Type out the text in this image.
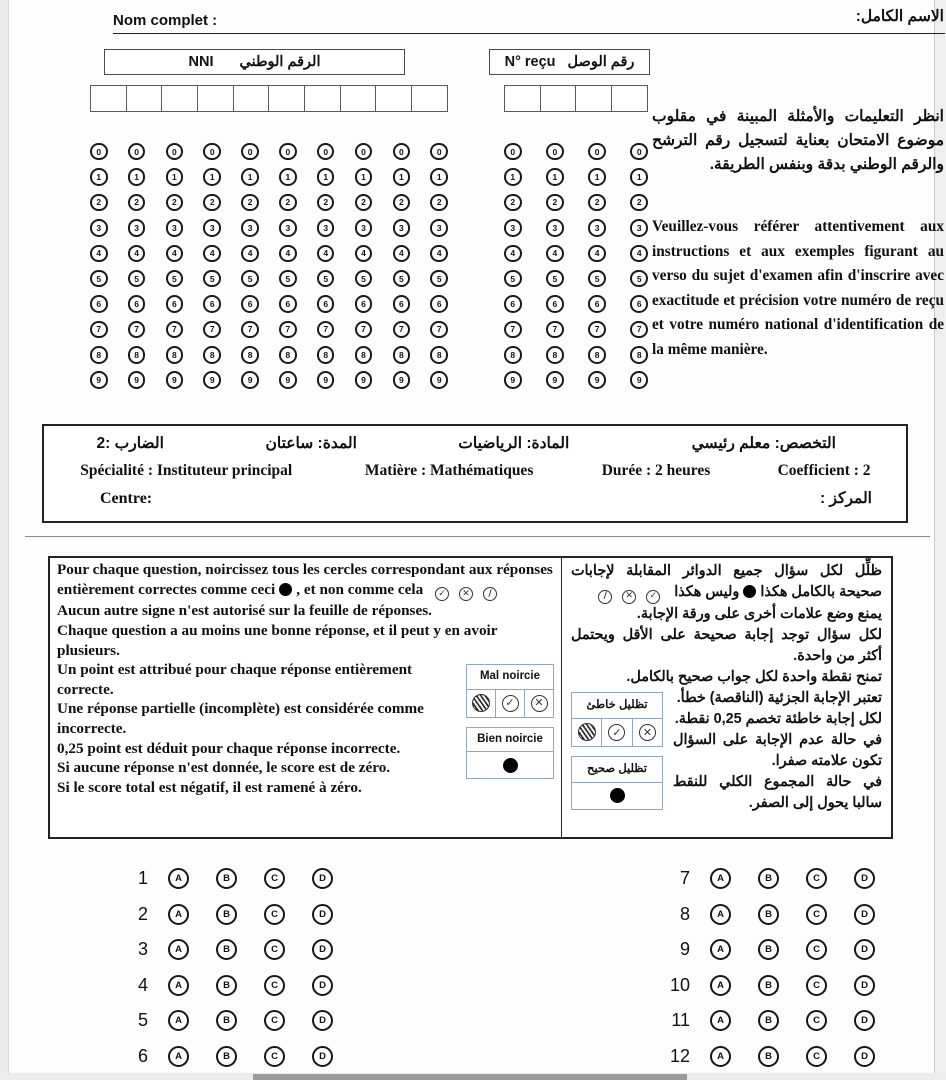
Nom complet :	الاسم الكامل:
NNI الرقم الوطني	N° reçu رقم الوصل
0	0	0	0	0	0	0	0	0	0
1	1	1	1	1	1	1	1	1	1
2	2	2	2	2	2	2	2	2	2
3	3	3	3	3	3	3	3	3	3
4	4	4	4	4	4	4	4	4	4
5	5	5	5	5	5	5	5	5	5
6	6	6	6	6	6	6	6	6	6
7	7	7	7	7	7	7	7	7	7
8	8	8	8	8	8	8	8	8	8
9	9	9	9	9	9	9	9	9	9
0	0	0	0
1	1	1	1
2	2	2	2
3	3	3	3
4	4	4	4
5	5	5	5
6	6	6	6
7	7	7	7
8	8	8	8
9	9	9	9
انظر التعليمات والأمثلة المبينة في مقلوب موضوع الامتحان بعناية لتسجيل رقم الترشح والرقم الوطني بدقة وبنفس الطريقة.
Veuillez-vous référer attentivement aux instructions et aux exemples figurant au verso du sujet d'examen afin d'inscrire avec exactitude et précision votre numéro de reçu et votre numéro national d'identification de la même manière.
التخصص: معلم رئيسي
المادة: الرياضيات
المدة: ساعتان
الضارب :2
Spécialité : Instituteur principal	Matière : Mathématiques	Durée : 2 heures	Coefficient : 2
Centre:	المركز :
Pour chaque question, noircissez tous les cercles correspondant aux réponses entièrement correctes comme ceci , et non comme cela ✓ ✕ ∕
Aucun autre signe n'est autorisé sur la feuille de réponses.
Chaque question a au moins une bonne réponse, et il peut y en avoir plusieurs.
Mal noircie
✓	✕
Bien noircie
Un point est attribué pour chaque réponse entièrement correcte.
Une réponse partielle (incomplète) est considérée comme incorrecte.
0,25 point est déduit pour chaque réponse incorrecte.
Si aucune réponse n'est donnée, le score est de zéro.
Si le score total est négatif, il est ramené à zéro.
ظلِّل لكل سؤال جميع الدوائر المقابلة لإجابات صحيحة بالكامل هكذاوليس هكذا ∕ ✕ ✓
يمنع وضع علامات أخرى على ورقة الإجابة.
لكل سؤال توجد إجابة صحيحة على الأقل ويحتمل أكثر من واحدة.
تمنح نقطة واحدة لكل جواب صحيح بالكامل.
تظليل خاطئ
✓	✕
تظليل صحيح
تعتبر الإجابة الجزئية (الناقصة) خطأ.
لكل إجابة خاطئة تخصم 0,25 نقطة.
في حالة عدم الإجابة على السؤال تكون علامته صفرا.
في حالة المجموع الكلي للنقط سالبا يحول إلى الصفر.
1	A	B	C	D
2	A	B	C	D
3	A	B	C	D
4	A	B	C	D
5	A	B	C	D
6	A	B	C	D
7	A	B	C	D
8	A	B	C	D
9	A	B	C	D
10	A	B	C	D
11	A	B	C	D
12	A	B	C	D
